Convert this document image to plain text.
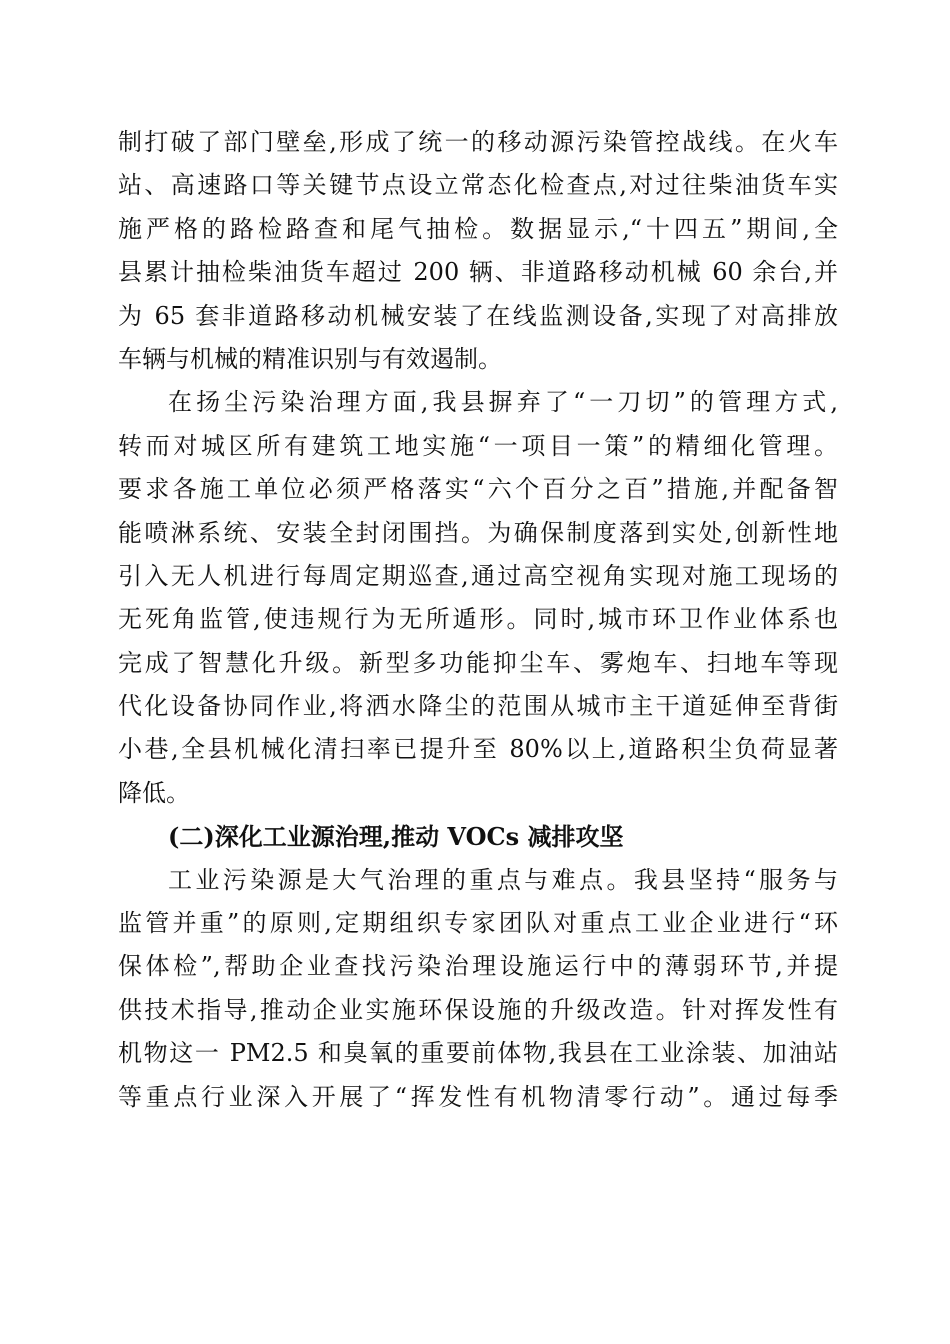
制打破了部门壁垒,形成了统一的移动源污染管控战线。在火车
站、高速路口等关键节点设立常态化检查点,对过往柴油货车实
施严格的路检路查和尾气抽检。数据显示,“十四五”期间,全
县累计抽检柴油货车超过 200 辆、非道路移动机械 60 余台,并
为 65 套非道路移动机械安装了在线监测设备,实现了对高排放
车辆与机械的精准识别与有效遏制。
在扬尘污染治理方面,我县摒弃了“一刀切”的管理方式,
转而对城区所有建筑工地实施“一项目一策”的精细化管理。
要求各施工单位必须严格落实“六个百分之百”措施,并配备智
能喷淋系统、安装全封闭围挡。为确保制度落到实处,创新性地
引入无人机进行每周定期巡查,通过高空视角实现对施工现场的
无死角监管,使违规行为无所遁形。同时,城市环卫作业体系也
完成了智慧化升级。新型多功能抑尘车、雾炮车、扫地车等现
代化设备协同作业,将洒水降尘的范围从城市主干道延伸至背街
小巷,全县机械化清扫率已提升至 80%以上,道路积尘负荷显著
降低。
(二)深化工业源治理,推动 VOCs 减排攻坚
工业污染源是大气治理的重点与难点。我县坚持“服务与
监管并重”的原则,定期组织专家团队对重点工业企业进行“环
保体检”,帮助企业查找污染治理设施运行中的薄弱环节,并提
供技术指导,推动企业实施环保设施的升级改造。针对挥发性有
机物这一 PM2.5 和臭氧的重要前体物,我县在工业涂装、加油站
等重点行业深入开展了“挥发性有机物清零行动”。通过每季
